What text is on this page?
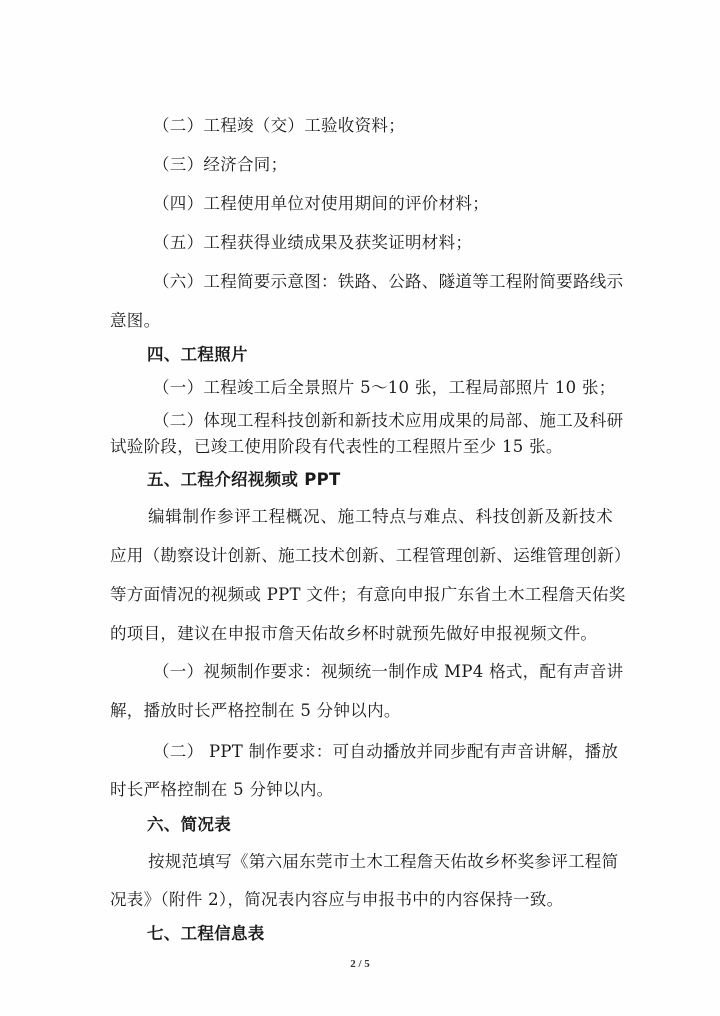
（二）工程竣（交）工验收资料；
（三）经济合同；
（四）工程使用单位对使用期间的评价材料；
（五）工程获得业绩成果及获奖证明材料；
（六）工程简要示意图：铁路、公路、隧道等工程附简要路线示
意图。
四、工程照片
（一）工程竣工后全景照片 5～10 张，工程局部照片 10 张；
（二）体现工程科技创新和新技术应用成果的局部、施工及科研
试验阶段，已竣工使用阶段有代表性的工程照片至少 15 张。
五、工程介绍视频或 PPT
编辑制作参评工程概况、施工特点与难点、科技创新及新技术
应用（勘察设计创新、施工技术创新、工程管理创新、运维管理创新）
等方面情况的视频或 PPT 文件；有意向申报广东省土木工程詹天佑奖
的项目，建议在申报市詹天佑故乡杯时就预先做好申报视频文件。
（一）视频制作要求：视频统一制作成 MP4 格式，配有声音讲
解，播放时长严格控制在 5 分钟以内。
（二） PPT 制作要求：可自动播放并同步配有声音讲解，播放
时长严格控制在 5 分钟以内。
六、简况表
按规范填写《第六届东莞市土木工程詹天佑故乡杯奖参评工程简
况表》（附件 2），简况表内容应与申报书中的内容保持一致。
七、工程信息表
2 / 5
